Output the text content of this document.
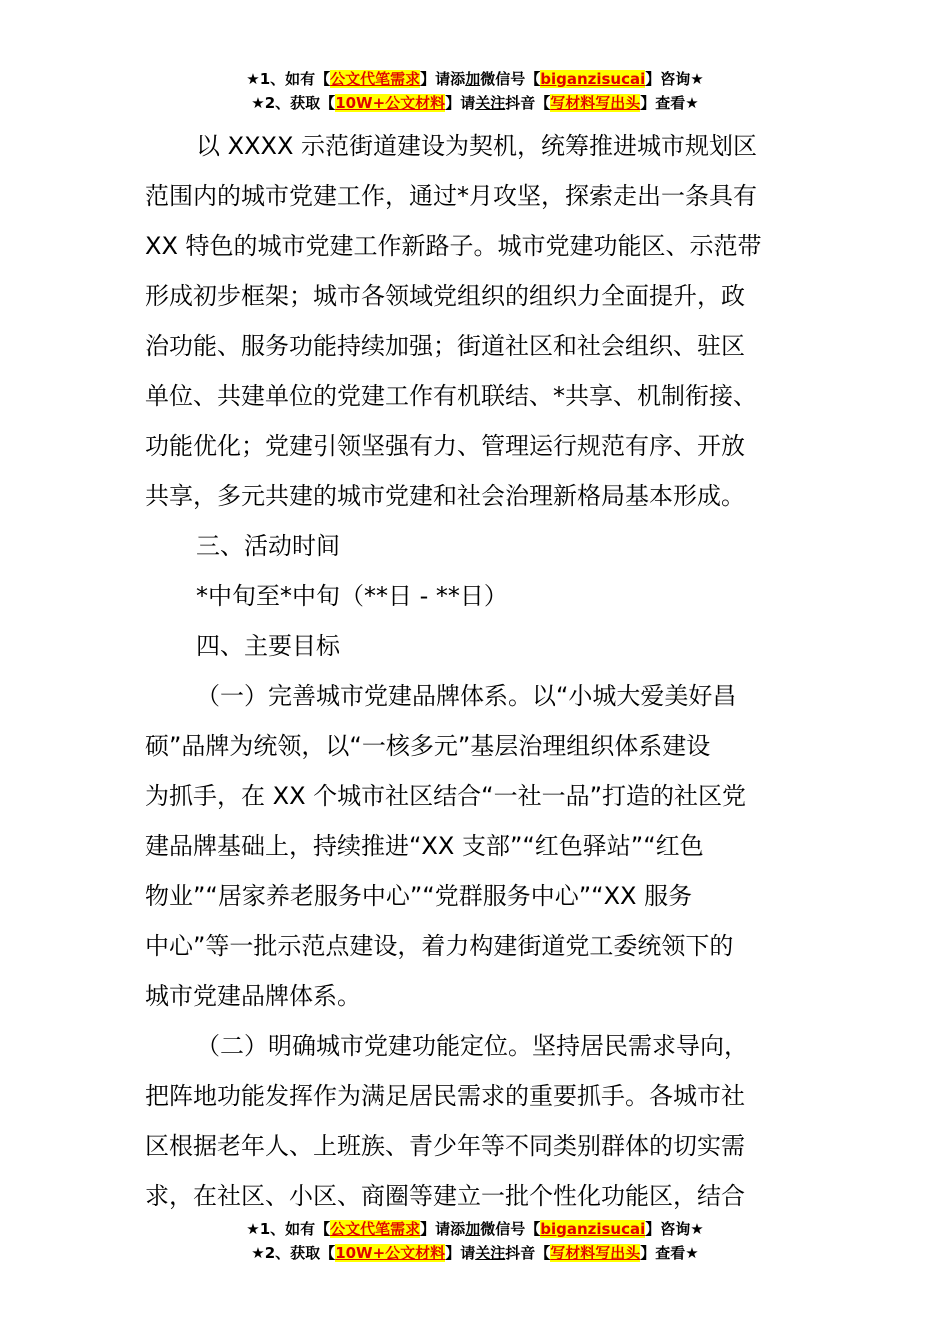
★1、如有【公文代笔需求】请添加微信号【biganzisucai】咨询★
★2、获取【10W+公文材料】请关注抖音【写材料写出头】查看★
以 XXXX 示范街道建设为契机，统筹推进城市规划区
范围内的城市党建工作，通过*月攻坚，探索走出一条具有
XX 特色的城市党建工作新路子。城市党建功能区、示范带
形成初步框架；城市各领域党组织的组织力全面提升，政
治功能、服务功能持续加强；街道社区和社会组织、驻区
单位、共建单位的党建工作有机联结、*共享、机制衔接、
功能优化；党建引领坚强有力、管理运行规范有序、开放
共享，多元共建的城市党建和社会治理新格局基本形成。
三、活动时间
*中旬至*中旬（**日 - **日）
四、主要目标
（一）完善城市党建品牌体系。以“小城大爱美好昌
硕”品牌为统领，以“一核多元”基层治理组织体系建设
为抓手，在 XX 个城市社区结合“一社一品”打造的社区党
建品牌基础上，持续推进“XX 支部”“红色驿站”“红色
物业”“居家养老服务中心”“党群服务中心”“XX 服务
中心”等一批示范点建设，着力构建街道党工委统领下的
城市党建品牌体系。
（二）明确城市党建功能定位。坚持居民需求导向，
把阵地功能发挥作为满足居民需求的重要抓手。各城市社
区根据老年人、上班族、青少年等不同类别群体的切实需
求，在社区、小区、商圈等建立一批个性化功能区，结合
★1、如有【公文代笔需求】请添加微信号【biganzisucai】咨询★
★2、获取【10W+公文材料】请关注抖音【写材料写出头】查看★
